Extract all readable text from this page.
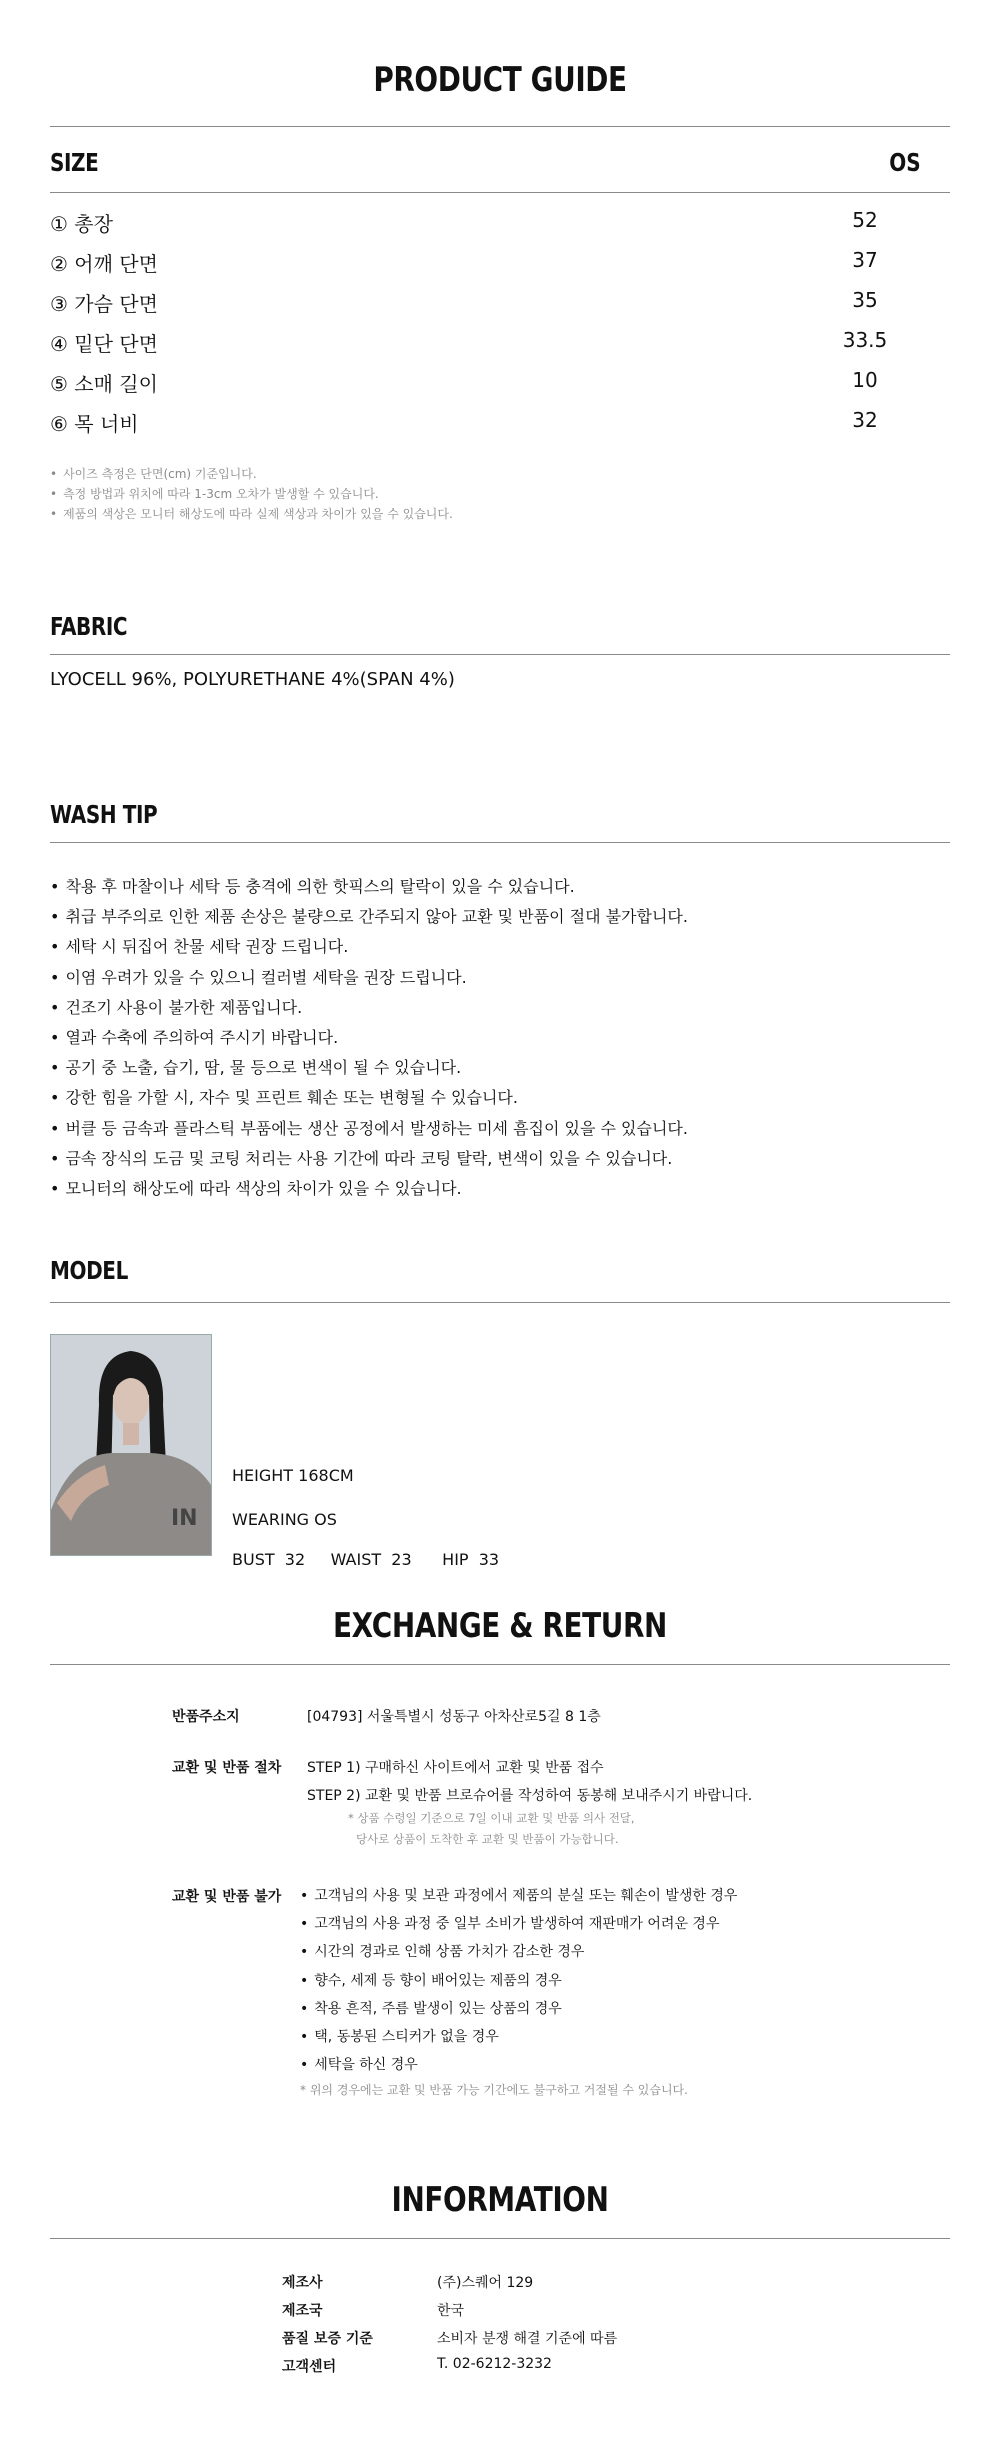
PRODUCT GUIDE
SIZE	OS
① 총장	52
② 어깨 단면	37
③ 가슴 단면	35
④ 밑단 단면	33.5
⑤ 소매 길이	10
⑥ 목 너비	32
• 사이즈 측정은 단면(cm) 기준입니다.
• 측정 방법과 위치에 따라 1-3cm 오차가 발생할 수 있습니다.
• 제품의 색상은 모니터 해상도에 따라 실제 색상과 차이가 있을 수 있습니다.
FABRIC
LYOCELL 96%, POLYURETHANE 4%(SPAN 4%)
WASH TIP
• 착용 후 마찰이나 세탁 등 충격에 의한 핫픽스의 탈락이 있을 수 있습니다.
• 취급 부주의로 인한 제품 손상은 불량으로 간주되지 않아 교환 및 반품이 절대 불가합니다.
• 세탁 시 뒤집어 찬물 세탁 권장 드립니다.
• 이염 우려가 있을 수 있으니 컬러별 세탁을 권장 드립니다.
• 건조기 사용이 불가한 제품입니다.
• 열과 수축에 주의하여 주시기 바랍니다.
• 공기 중 노출, 습기, 땀, 물 등으로 변색이 될 수 있습니다.
• 강한 힘을 가할 시, 자수 및 프린트 훼손 또는 변형될 수 있습니다.
• 버클 등 금속과 플라스틱 부품에는 생산 공정에서 발생하는 미세 흠집이 있을 수 있습니다.
• 금속 장식의 도금 및 코팅 처리는 사용 기간에 따라 코팅 탈락, 변색이 있을 수 있습니다.
• 모니터의 해상도에 따라 색상의 차이가 있을 수 있습니다.
MODEL
IN
HEIGHT 168CM
WEARING OS
BUST  32     WAIST  23      HIP  33
EXCHANGE & RETURN
반품주소지	[04793] 서울특별시 성동구 아차산로5길 8 1층
교환 및 반품 절차 STEP 1) 구매하신 사이트에서 교환 및 반품 접수
STEP 2) 교환 및 반품 브로슈어를 작성하여 동봉해 보내주시기 바랍니다.
* 상품 수령일 기준으로 7일 이내 교환 및 반품 의사 전달,
당사로 상품이 도착한 후 교환 및 반품이 가능합니다.
교환 및 반품 불가	• 고객님의 사용 및 보관 과정에서 제품의 분실 또는 훼손이 발생한 경우
• 고객님의 사용 과정 중 일부 소비가 발생하여 재판매가 어려운 경우
• 시간의 경과로 인해 상품 가치가 감소한 경우
• 향수, 세제 등 향이 배어있는 제품의 경우
• 착용 흔적, 주름 발생이 있는 상품의 경우
• 택, 동봉된 스티커가 없을 경우
• 세탁을 하신 경우
* 위의 경우에는 교환 및 반품 가능 기간에도 불구하고 거절될 수 있습니다.
INFORMATION
제조사	(주)스퀘어 129
제조국	한국
품질 보증 기준	소비자 분쟁 해결 기준에 따름
고객센터	T. 02-6212-3232
